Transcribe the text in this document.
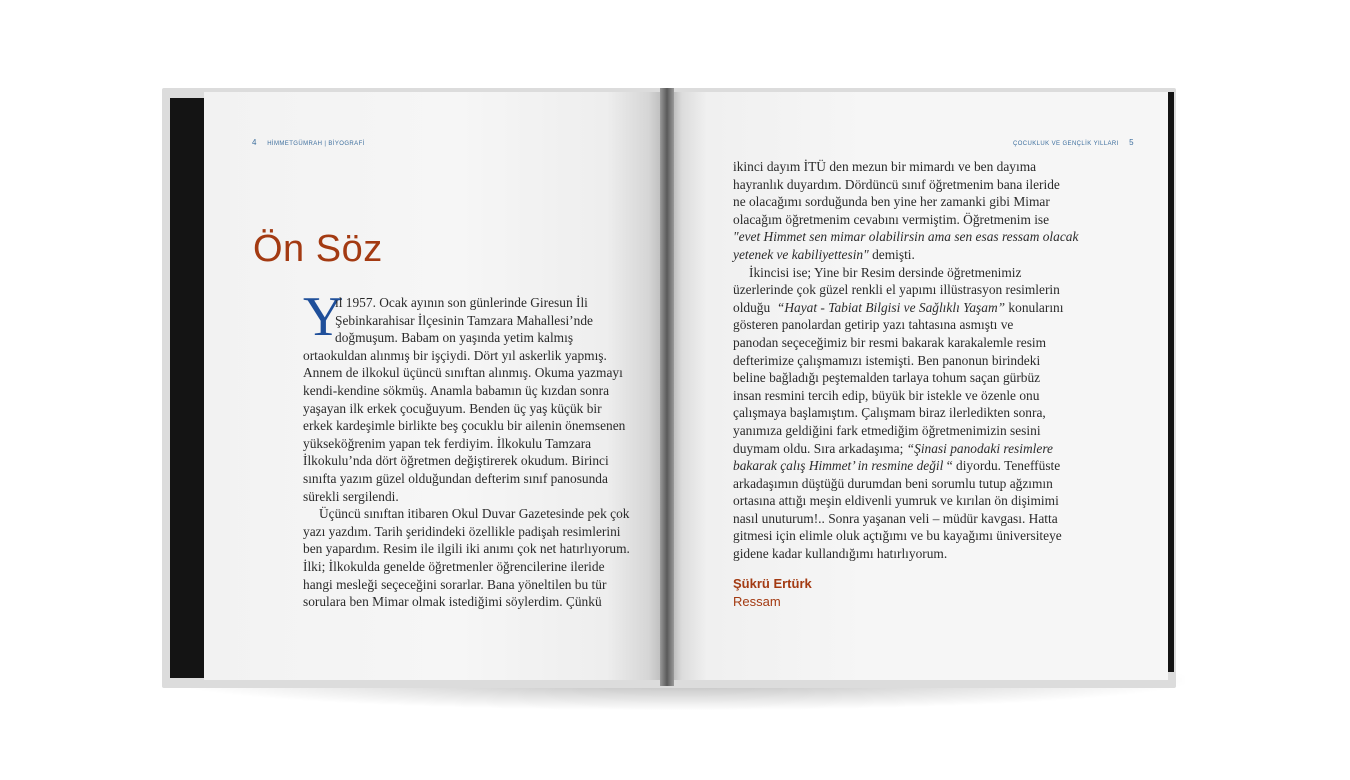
4 HİMMETGÜMRAH | BİYOGRAFİ	ÇOCUKLUK VE GENÇLİK YILLARI 5
Ön Söz
Y
ıl 1957. Ocak ayının son günlerinde Giresun İli
Şebinkarahisar İlçesinin Tamzara Mahallesi’nde
doğmuşum. Babam on yaşında yetim kalmış
ortaokuldan alınmış bir işçiydi. Dört yıl askerlik yapmış.
Annem de ilkokul üçüncü sınıftan alınmış. Okuma yazmayı
kendi-kendine sökmüş. Anamla babamın üç kızdan sonra
yaşayan ilk erkek çocuğuyum. Benden üç yaş küçük bir
erkek kardeşimle birlikte beş çocuklu bir ailenin önemsenen
yükseköğrenim yapan tek ferdiyim. İlkokulu Tamzara
İlkokulu’nda dört öğretmen değiştirerek okudum. Birinci
sınıfta yazım güzel olduğundan defterim sınıf panosunda
sürekli sergilendi.
Üçüncü sınıftan itibaren Okul Duvar Gazetesinde pek çok
yazı yazdım. Tarih şeridindeki özellikle padişah resimlerini
ben yapardım. Resim ile ilgili iki anımı çok net hatırlıyorum.
İlki; İlkokulda genelde öğretmenler öğrencilerine ileride
hangi mesleği seçeceğini sorarlar. Bana yöneltilen bu tür
sorulara ben Mimar olmak istediğimi söylerdim. Çünkü
ikinci dayım İTÜ den mezun bir mimardı ve ben dayıma
hayranlık duyardım. Dördüncü sınıf öğretmenim bana ileride
ne olacağımı sorduğunda ben yine her zamanki gibi Mimar
olacağım öğretmenim cevabını vermiştim. Öğretmenim ise
"evet Himmet sen mimar olabilirsin ama sen esas ressam olacak
yetenek ve kabiliyettesin" demişti.
İkincisi ise; Yine bir Resim dersinde öğretmenimiz
üzerlerinde çok güzel renkli el yapımı illüstrasyon resimlerin
olduğu “Hayat - Tabiat Bilgisi ve Sağlıklı Yaşam” konularını
gösteren panolardan getirip yazı tahtasına asmıştı ve
panodan seçeceğimiz bir resmi bakarak karakalemle resim
defterimize çalışmamızı istemişti. Ben panonun birindeki
beline bağladığı peştemalden tarlaya tohum saçan gürbüz
insan resmini tercih edip, büyük bir istekle ve özenle onu
çalışmaya başlamıştım. Çalışmam biraz ilerledikten sonra,
yanımıza geldiğini fark etmediğim öğretmenimizin sesini
duymam oldu. Sıra arkadaşıma; “Şinasi panodaki resimlere
bakarak çalış Himmet’ in resmine değil “ diyordu. Teneffüste
arkadaşımın düştüğü durumdan beni sorumlu tutup ağzımın
ortasına attığı meşin eldivenli yumruk ve kırılan ön dişimimi
nasıl unuturum!.. Sonra yaşanan veli – müdür kavgası. Hatta
gitmesi için elimle oluk açtığımı ve bu kayağımı üniversiteye
gidene kadar kullandığımı hatırlıyorum.
Şükrü Ertürk
Ressam
